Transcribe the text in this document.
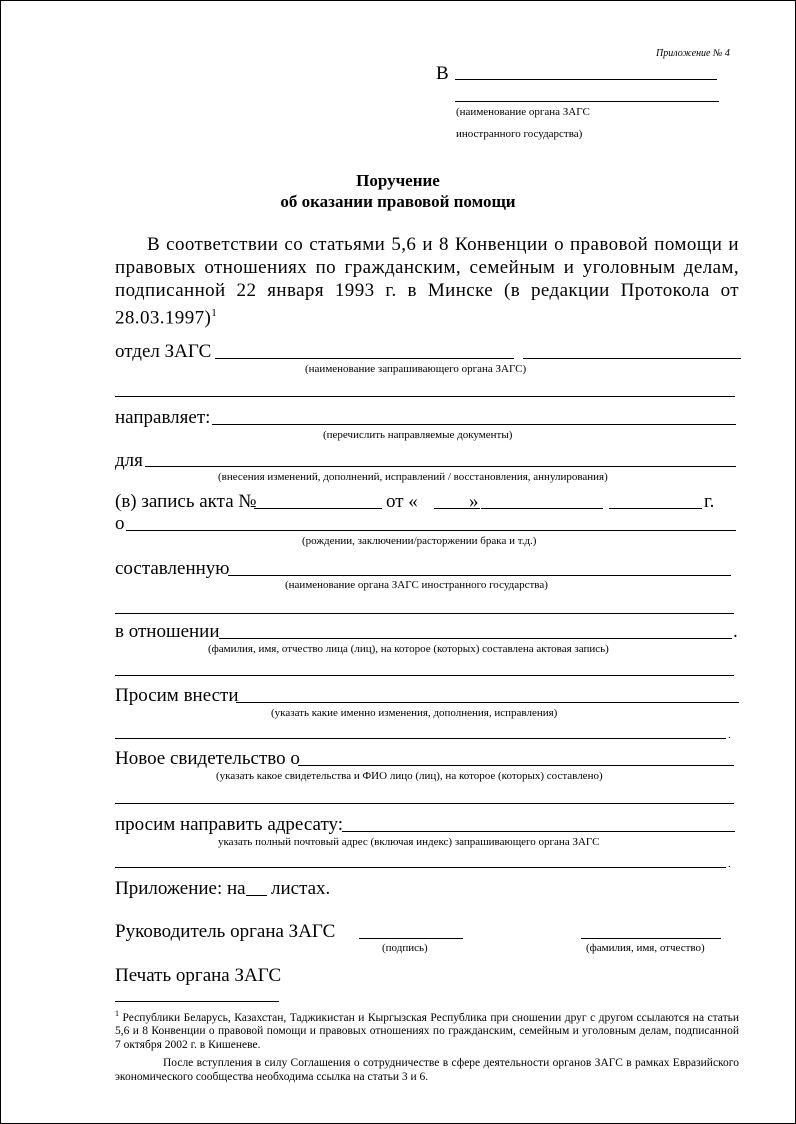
Приложение № 4
В
(наименование органа ЗАГС
иностранного государства)
Поручение
об оказании правовой помощи
В соответствии со статьями 5,6 и 8 Конвенции о правовой помощи и правовых отношениях по гражданским, семейным и уголовным делам, подписанной 22 января 1993 г. в Минске (в редакции Протокола от 28.03.1997)$^1$
отдел ЗАГС
(наименование запрашивающего органа ЗАГС)
направляет:
(перечислить направляемые документы)
для
(внесения изменений, дополнений, исправлений / восстановления, аннулирования)
(в) запись акта №	от «	»	г.
о
(рождении, заключении/расторжении брака и т.д.)
составленную
(наименование органа ЗАГС иностранного государства)
в отношении	.
(фамилия, имя, отчество лица (лиц), на которое (которых) составлена актовая запись)
Просим внести
(указать какие именно изменения, дополнения, исправления)
.
Новое свидетельство о
(указать какое свидетельства и ФИО лицо (лиц), на которое (которых) составлено)
просим направить адресату:
указать полный почтовый адрес (включая индекс) запрашивающего органа ЗАГС
.
Приложение: на листах.
Руководитель органа ЗАГС
(подпись)	(фамилия, имя, отчество)
Печать органа ЗАГС
$^1$ Республики Беларусь, Казахстан, Таджикистан и Кыргызская Республика при сношении друг с другом ссылаются на статьи 5,6 и 8 Конвенции о правовой помощи и правовых отношениях по гражданским, семейным и уголовным делам, подписанной 7 октября 2002 г. в Кишеневе.
После вступления в силу Соглашения о сотрудничестве в сфере деятельности органов ЗАГС в рамках Евразийского экономического сообщества необходима ссылка на статьи 3 и 6.
